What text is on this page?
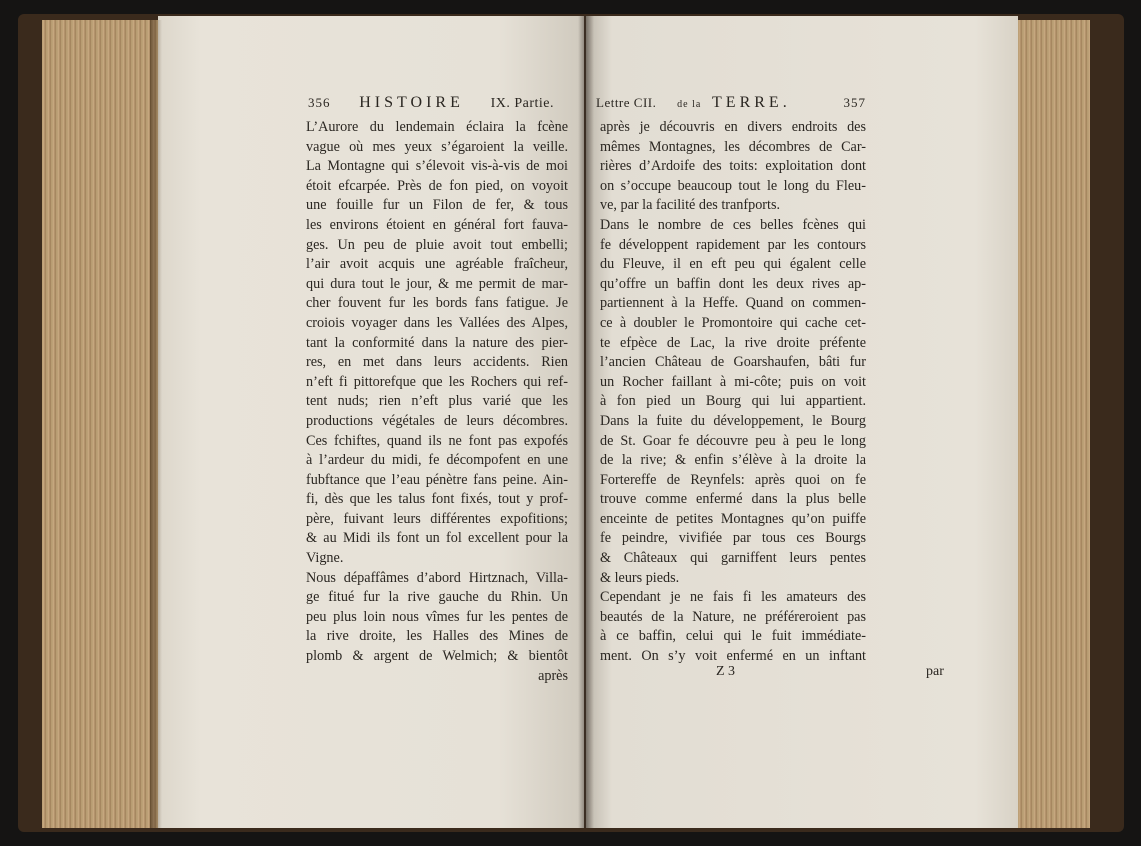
356 HISTOIRE IX. Partie.
L’Aurore du lendemain éclaira la fcène
vague où mes yeux s’égaroient la veille.
La Montagne qui s’élevoit vis-à-vis de moi
étoit efcarpée. Près de fon pied, on voyoit
une fouille fur un Filon de fer, & tous
les environs étoient en général fort fauva-
ges. Un peu de pluie avoit tout embelli;
l’air avoit acquis une agréable fraîcheur,
qui dura tout le jour, & me permit de mar-
cher fouvent fur les bords fans fatigue. Je
croiois voyager dans les Vallées des Alpes,
tant la conformité dans la nature des pier-
res, en met dans leurs accidents. Rien
n’eft fi pittorefque que les Rochers qui ref-
tent nuds; rien n’eft plus varié que les
productions végétales de leurs décombres.
Ces fchiftes, quand ils ne font pas expofés
à l’ardeur du midi, fe décompofent en une
fubftance que l’eau pénètre fans peine. Ain-
fi, dès que les talus font fixés, tout y prof-
père, fuivant leurs différentes expofitions;
& au Midi ils font un fol excellent pour la
Vigne.
Nous dépaffâmes d’abord Hirtznach, Villa-
ge fitué fur la rive gauche du Rhin. Un
peu plus loin nous vîmes fur les pentes de
la rive droite, les Halles des Mines de
plomb & argent de Welmich; & bientôt
après
Lettre CII. de la TERRE.	357
après je découvris en divers endroits des
mêmes Montagnes, les décombres de Car-
rières d’Ardoife des toits: exploitation dont
on s’occupe beaucoup tout le long du Fleu-
ve, par la facilité des tranfports.
Dans le nombre de ces belles fcènes qui
fe développent rapidement par les contours
du Fleuve, il en eft peu qui égalent celle
qu’offre un baffin dont les deux rives ap-
partiennent à la Heffe. Quand on commen-
ce à doubler le Promontoire qui cache cet-
te efpèce de Lac, la rive droite préfente
l’ancien Château de Goarshaufen, bâti fur
un Rocher faillant à mi-côte; puis on voit
à fon pied un Bourg qui lui appartient.
Dans la fuite du développement, le Bourg
de St. Goar fe découvre peu à peu le long
de la rive; & enfin s’élève à la droite la
Fortereffe de Reynfels: après quoi on fe
trouve comme enfermé dans la plus belle
enceinte de petites Montagnes qu’on puiffe
fe peindre, vivifiée par tous ces Bourgs
& Châteaux qui garniffent leurs pentes
& leurs pieds.
Cependant je ne fais fi les amateurs des
beautés de la Nature, ne préféreroient pas
à ce baffin, celui qui le fuit immédiate-
ment. On s’y voit enfermé en un inftant
Z 3	par
